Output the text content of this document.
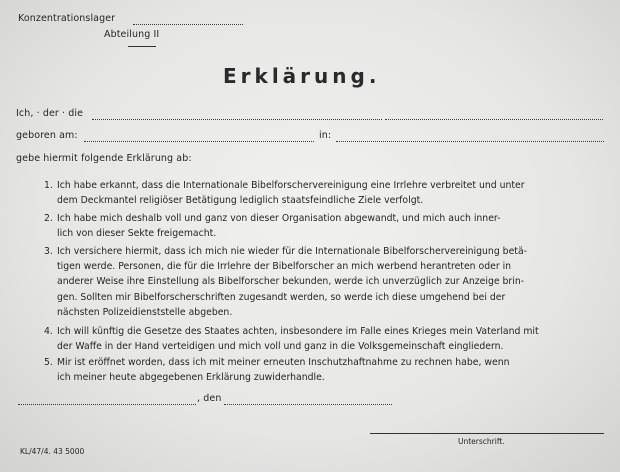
Konzentrationslager
Abteilung II
Erklärung.
Ich, · der · die
geboren am:	in:
gebe hiermit folgende Erklärung ab:
1. Ich habe erkannt, dass die Internationale Bibelforschervereinigung eine Irrlehre verbreitet und unter
dem Deckmantel religiöser Betätigung lediglich staatsfeindliche Ziele verfolgt.
2. Ich habe mich deshalb voll und ganz von dieser Organisation abgewandt, und mich auch inner-
lich von dieser Sekte freigemacht.
3. Ich versichere hiermit, dass ich mich nie wieder für die Internationale Bibelforschervereinigung betä-
tigen werde. Personen, die für die Irrlehre der Bibelforscher an mich werbend herantreten oder in
anderer Weise ihre Einstellung als Bibelforscher bekunden, werde ich unverzüglich zur Anzeige brin-
gen. Sollten mir Bibelforscherschriften zugesandt werden, so werde ich diese umgehend bei der
nächsten Polizeidienststelle abgeben.
4. Ich will künftig die Gesetze des Staates achten, insbesondere im Falle eines Krieges mein Vaterland mit
der Waffe in der Hand verteidigen und mich voll und ganz in die Volksgemeinschaft eingliedern.
5. Mir ist eröffnet worden, dass ich mit meiner erneuten Inschutzhaftnahme zu rechnen habe, wenn
ich meiner heute abgegebenen Erklärung zuwiderhandle.
, den
Unterschrift.
KL/47/4. 43 5000
